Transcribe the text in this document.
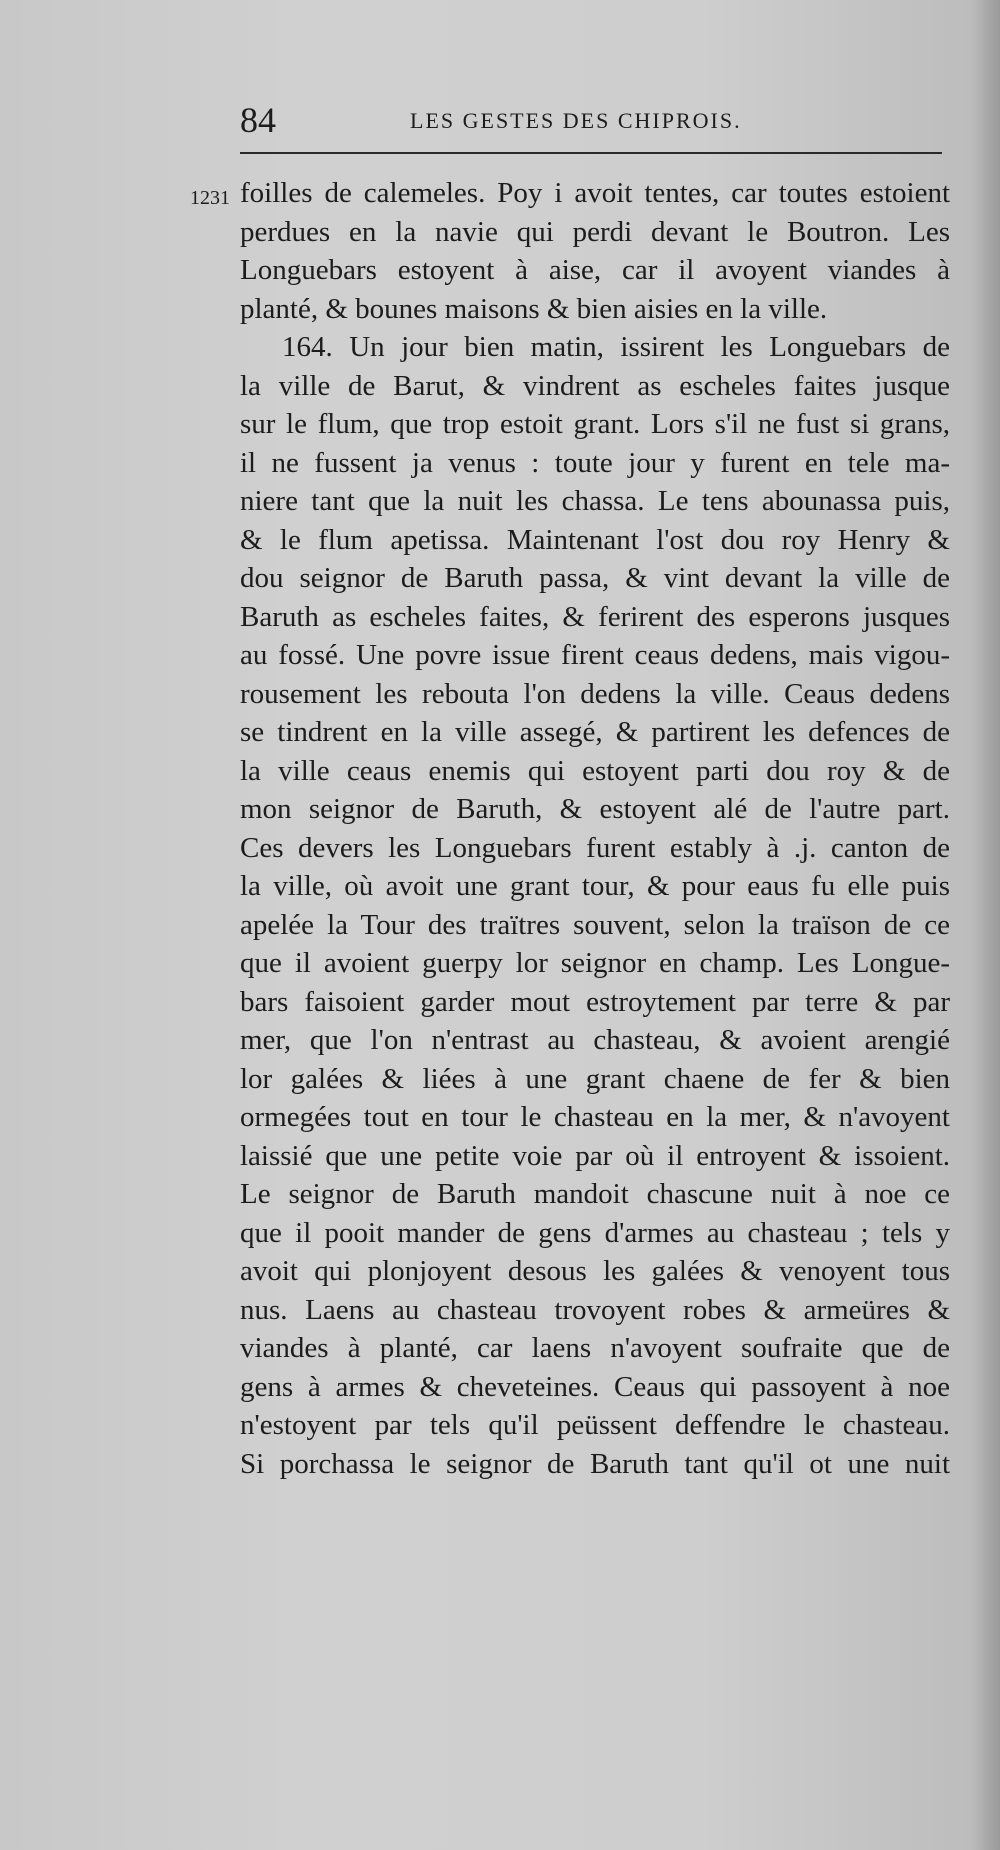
84	LES GESTES DES CHIPROIS.
1231 foilles de calemeles. Poy i avoit tentes, car toutes estoient
perdues en la navie qui perdi devant le Boutron. Les
Longuebars estoyent à aise, car il avoyent viandes à
planté, & bounes maisons & bien aisies en la ville.
164. Un jour bien matin, issirent les Longuebars de
la ville de Barut, & vindrent as escheles faites jusque
sur le flum, que trop estoit grant. Lors s'il ne fust si grans,
il ne fussent ja venus : toute jour y furent en tele ma-
niere tant que la nuit les chassa. Le tens abounassa puis,
& le flum apetissa. Maintenant l'ost dou roy Henry &
dou seignor de Baruth passa, & vint devant la ville de
Baruth as escheles faites, & ferirent des esperons jusques
au fossé. Une povre issue firent ceaus dedens, mais vigou-
rousement les rebouta l'on dedens la ville. Ceaus dedens
se tindrent en la ville assegé, & partirent les defences de
la ville ceaus enemis qui estoyent parti dou roy & de
mon seignor de Baruth, & estoyent alé de l'autre part.
Ces devers les Longuebars furent estably à .j. canton de
la ville, où avoit une grant tour, & pour eaus fu elle puis
apelée la Tour des traïtres souvent, selon la traïson de ce
que il avoient guerpy lor seignor en champ. Les Longue-
bars faisoient garder mout estroytement par terre & par
mer, que l'on n'entrast au chasteau, & avoient arengié
lor galées & liées à une grant chaene de fer & bien
ormegées tout en tour le chasteau en la mer, & n'avoyent
laissié que une petite voie par où il entroyent & issoient.
Le seignor de Baruth mandoit chascune nuit à noe ce
que il pooit mander de gens d'armes au chasteau ; tels y
avoit qui plonjoyent desous les galées & venoyent tous
nus. Laens au chasteau trovoyent robes & armeüres &
viandes à planté, car laens n'avoyent soufraite que de
gens à armes & cheveteines. Ceaus qui passoyent à noe
n'estoyent par tels qu'il peüssent deffendre le chasteau.
Si porchassa le seignor de Baruth tant qu'il ot une nuit
